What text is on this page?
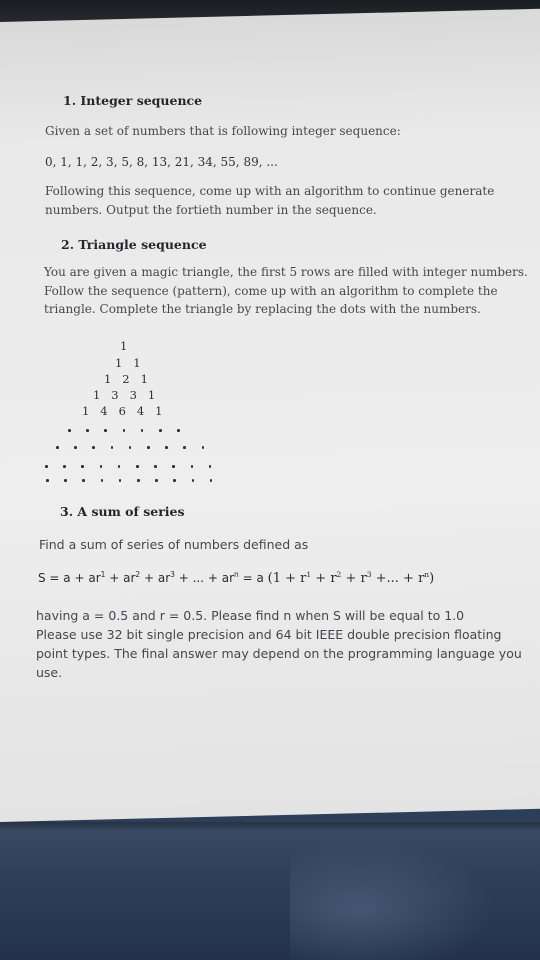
1. Integer sequence
Given a set of numbers that is following integer sequence:
0, 1, 1, 2, 3, 5, 8, 13, 21, 34, 55, 89, ...
Following this sequence, come up with an algorithm to continue generate
numbers. Output the fortieth number in the sequence.
2. Triangle sequence
You are given a magic triangle, the first 5 rows are filled with integer numbers.
Follow the sequence (pattern), come up with an algorithm to complete the
triangle. Complete the triangle by replacing the dots with the numbers.
1
1   1
1   2   1
1   3   3   1
1   4   6   4   1
3. A sum of series
Find a sum of series of numbers defined as
$S = a + ar^1 + ar^2 + ar^3$ + ... + $ar^n = a$ ($1 + r^1 + r^2 + r^3$ +... + $r^n$)
having a = 0.5 and r = 0.5. Please find n when S will be equal to 1.0
Please use 32 bit single precision and 64 bit IEEE double precision floating
point types. The final answer may depend on the programming language you
use.
